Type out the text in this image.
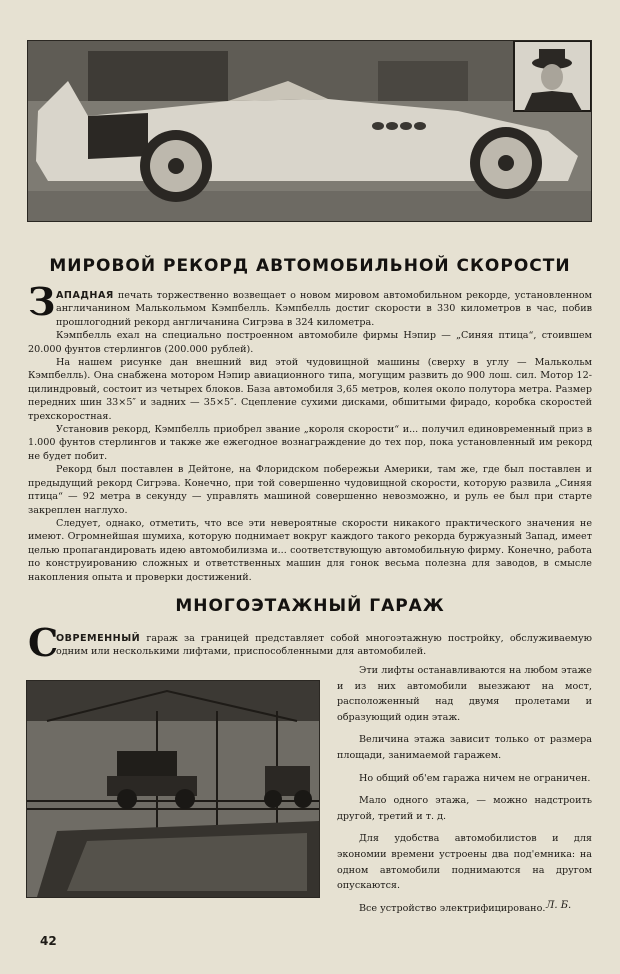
МИРОВОЙ РЕКОРД АВТОМОБИЛЬНОЙ СКОРОСТИ
З АПАДНАЯ печать торжественно возвещает о новом мировом автомобильном рекорде, установленном англичанином Малькольмом Кэмпбелль. Кэмпбелль достиг скорости в 330 километров в час, побив прошлогодний рекорд англичанина Сигрэва в 324 километра.
Кэмпбелль ехал на специально построенном автомобиле фирмы Нэпир — „Синяя птица“, стоившем 20.000 фунтов стерлингов (200.000 рублей).
На нашем рисунке дан внешний вид этой чудовищной машины (сверху в углу — Малькольм Кэмпбелль). Она снабжена мотором Нэпир авиационного типа, могущим развить до 900 лош. сил. Мотор 12-цилиндровый, состоит из четырех блоков. База автомобиля 3,65 метров, колея около полутора метра. Размер передних шин 33×5″ и задних — 35×5″. Сцепление сухими дисками, обшитыми фирадо, коробка скоростей трехскоростная.
Установив рекорд, Кэмпбелль приобрел звание „короля скорости“ и... получил единовременный приз в 1.000 фунтов стерлингов и также же ежегодное вознаграждение до тех пор, пока установленный им рекорд не будет побит.
Рекорд был поставлен в Дейтоне, на Флоридском побережьи Америки, там же, где был поставлен и предыдущий рекорд Сигрэва. Конечно, при той совершенно чудовищной скорости, которую развила „Синяя птица“ — 92 метра в секунду — управлять машиной совершенно невозможно, и руль ее был при старте закреплен наглухо.
Следует, однако, отметить, что все эти невероятные скорости никакого практического значения не имеют. Огромнейшая шумиха, которую поднимает вокруг каждого такого рекорда буржуазный Запад, имеет целью пропагандировать идею автомобилизма и... соответствующую автомобильную фирму. Конечно, работа по конструированию сложных и ответственных машин для гонок весьма полезна для заводов, в смысле накопления опыта и проверки достижений.
МНОГОЭТАЖНЫЙ ГАРАЖ
С
ОВРЕМЕННЫЙ гараж за границей представляет собой многоэтажную постройку, обслуживаемую одним или несколькими лифтами, приспособленными для автомобилей.

Эти лифты останавливаются на любом этаже и из них автомобили выезжают на мост, расположенный над двумя пролетами и образующий один этаж.

Величина этажа зависит только от размера площади, занимаемой гаражем.

Но общий об'ем гаража ничем не ограничен.

Мало одного этажа, — можно надстроить другой, третий и т. д.

Для удобства автомобилистов и для экономии времени устроены два под'емника: на одном автомобили поднимаются на другом опускаются.

Все устройство электрифицировано. Л. Б.
42
